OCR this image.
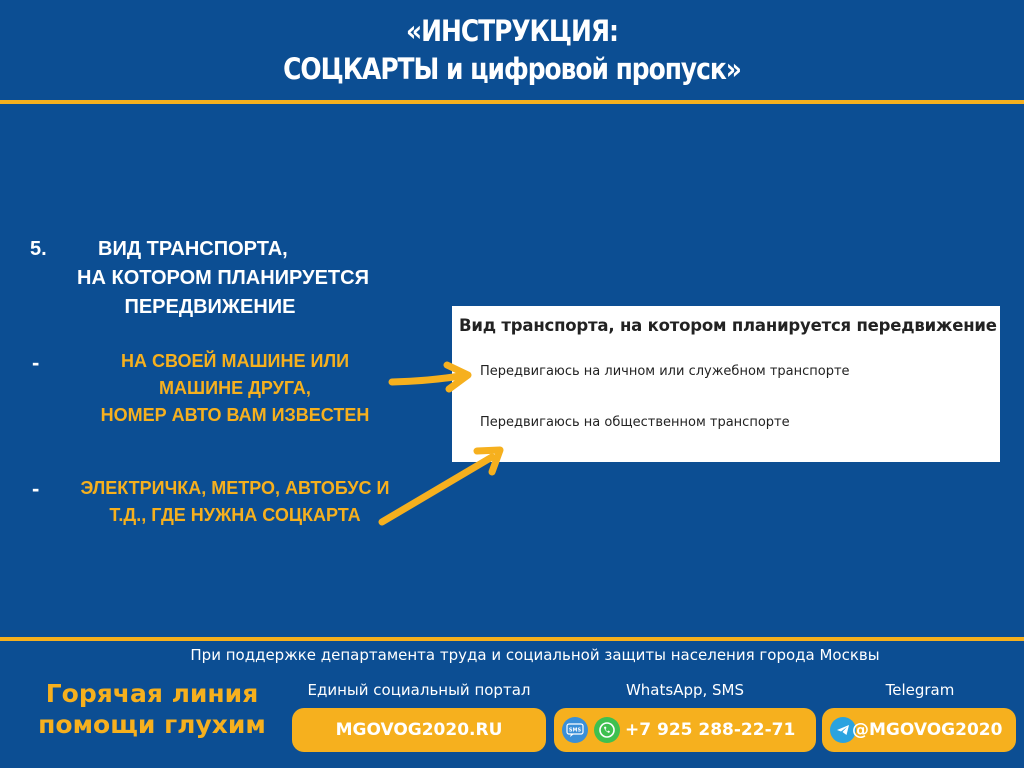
«ИНСТРУКЦИЯ:
СОЦКАРТЫ и цифровой пропуск»
5.	ВИД ТРАНСПОРТА,
НА КОТОРОМ ПЛАНИРУЕТСЯ
ПЕРЕДВИЖЕНИЕ
-	НА СВОЕЙ МАШИНЕ ИЛИ
МАШИНЕ ДРУГА,
НОМЕР АВТО ВАМ ИЗВЕСТЕН
-	ЭЛЕКТРИЧКА, МЕТРО, АВТОБУС И
Т.Д., ГДЕ НУЖНА СОЦКАРТА
Вид транспорта, на котором планируется передвижение
Передвигаюсь на личном или служебном транспорте
Передвигаюсь на общественном транспорте
При поддержке департамента труда и социальной защиты населения города Москвы
Горячая линия
помощи глухим
Единый социальный портал	WhatsApp, SMS	Telegram
MGOVOG2020.RU	SMS	+7 925 288-22-71	@MGOVOG2020
